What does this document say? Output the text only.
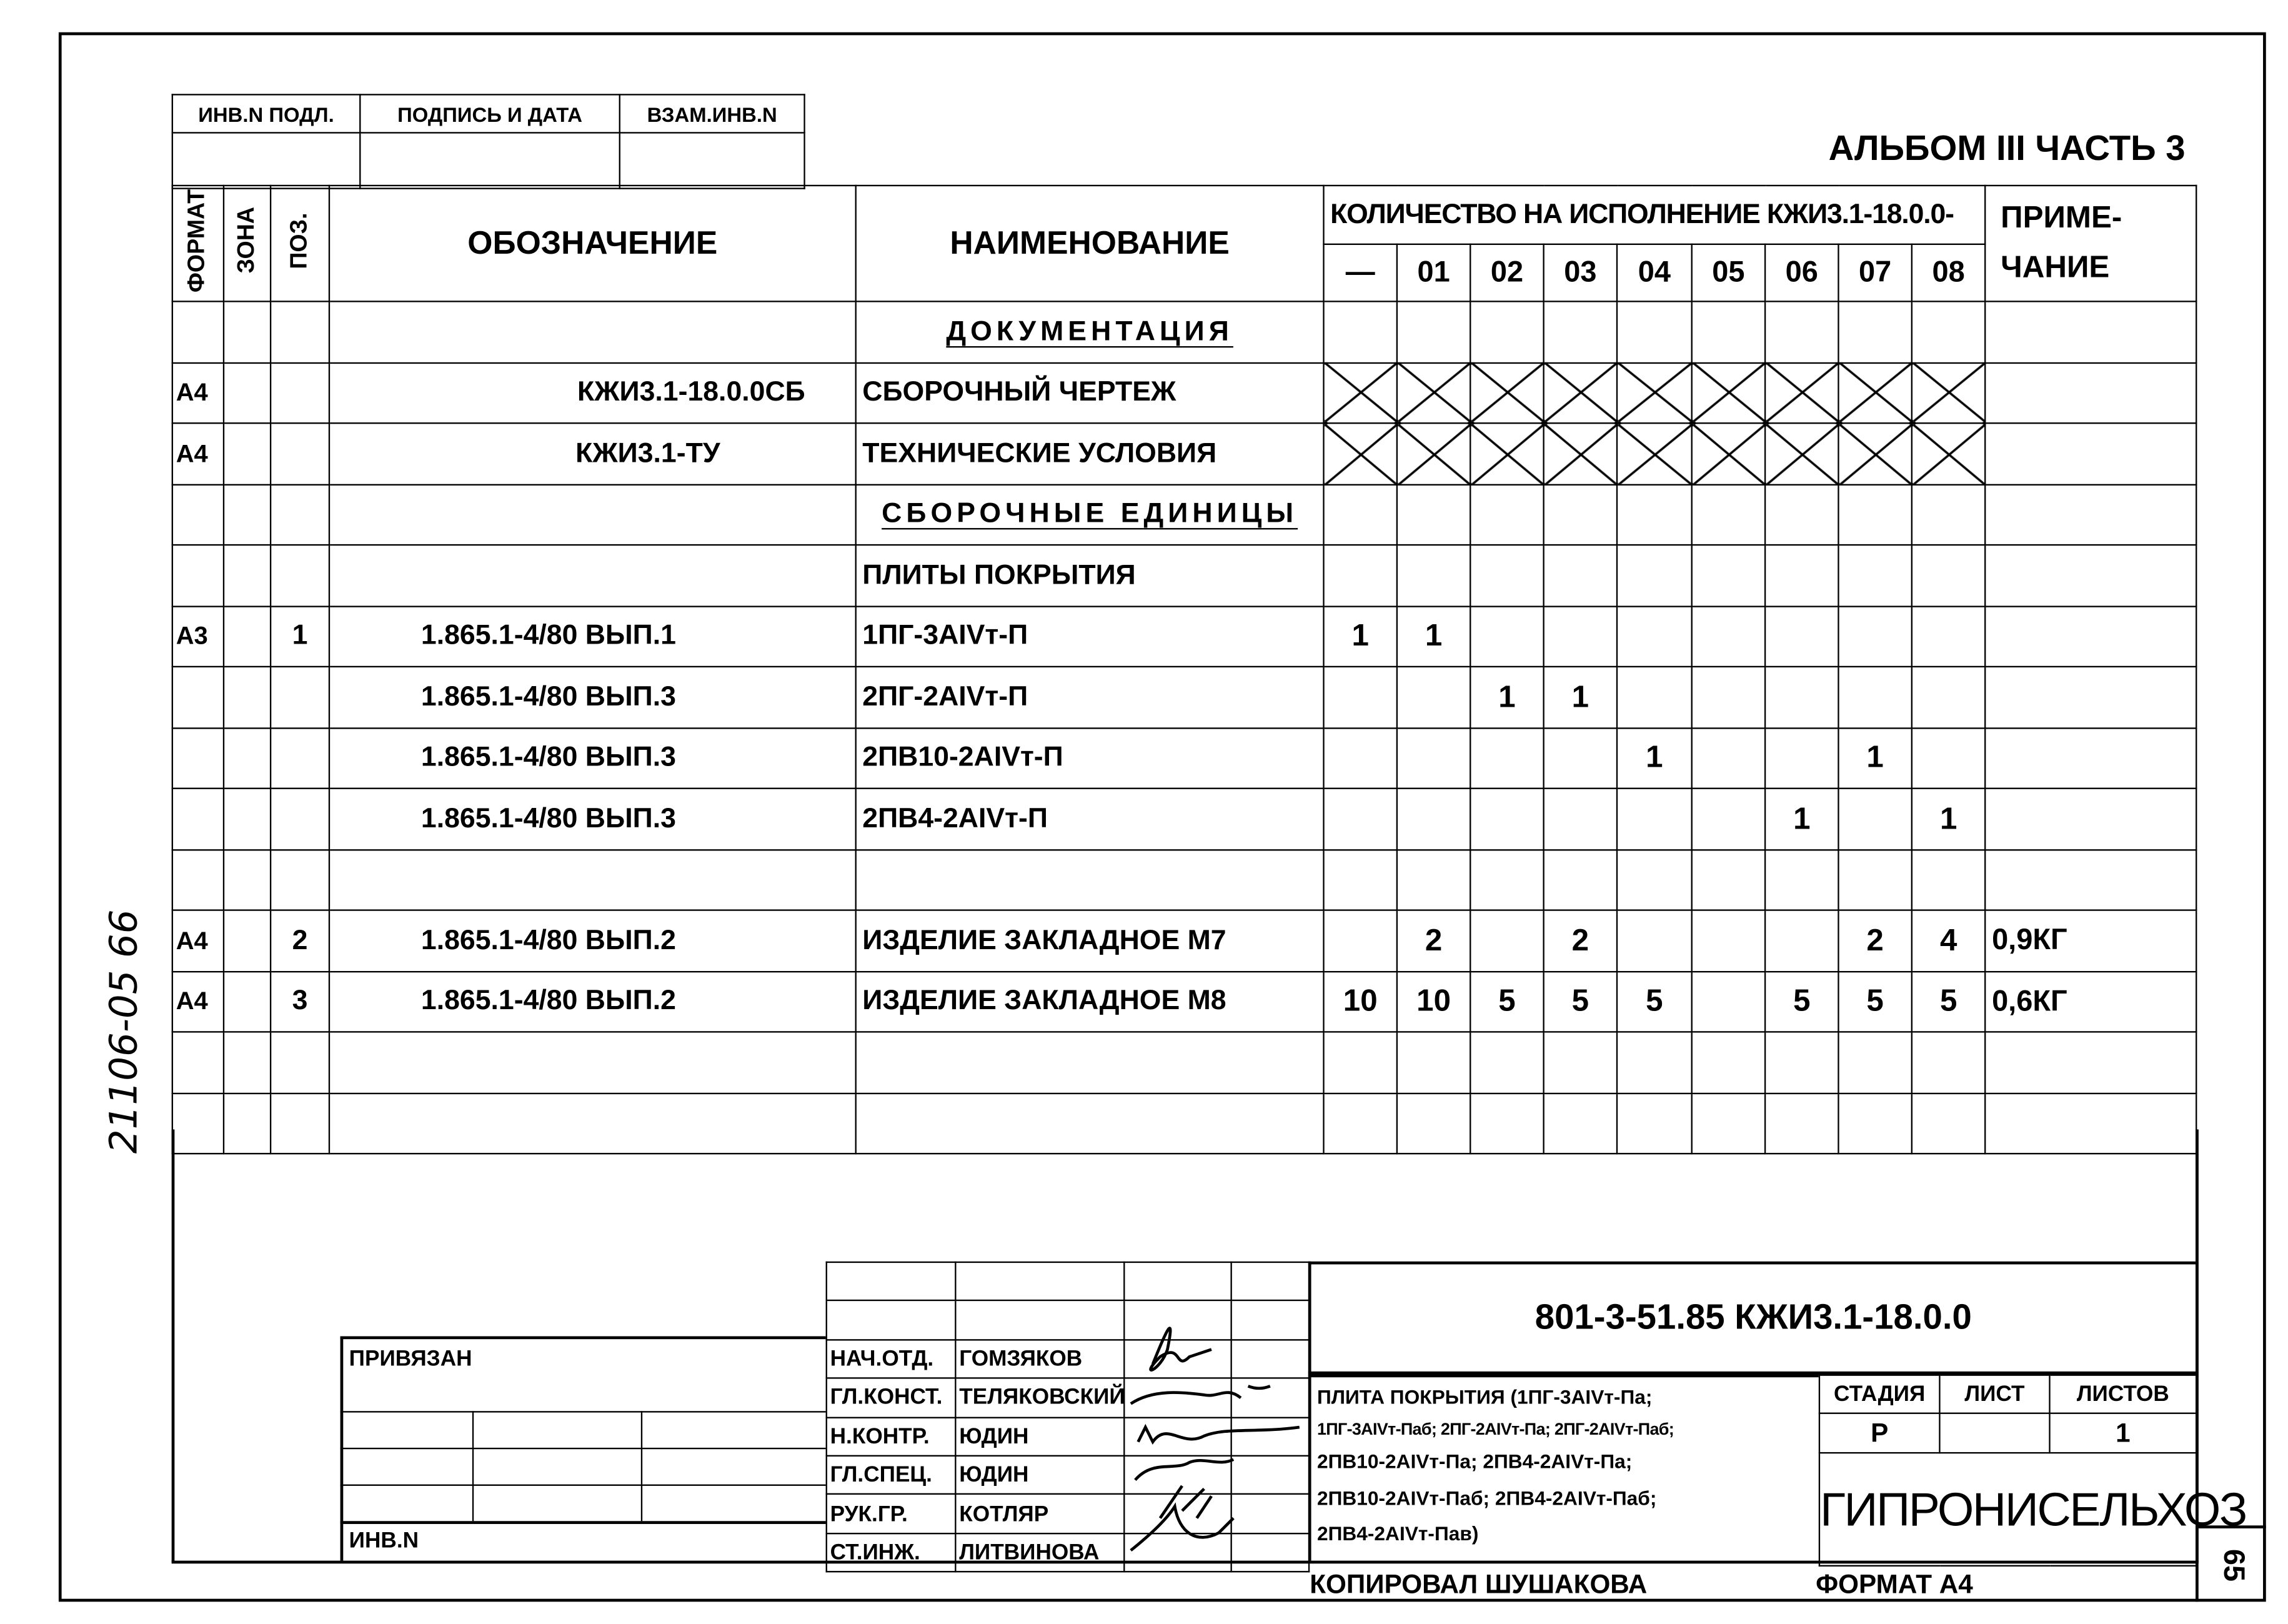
21106-05 66
ИНВ.N ПОДЛ.	ПОДПИСЬ И ДАТА	ВЗАМ.ИНВ.N

АЛЬБОМ III ЧАСТЬ 3
ФОРМАТ	ЗОНА	ПОЗ.	ОБОЗНАЧЕНИЕ	НАИМЕНОВАНИЕ	КОЛИЧЕСТВО НА ИСПОЛНЕНИЕ КЖИ3.1-18.0.0-									ПРИМЕ-
ЧАНИЕ

					—	01	02	03	04	05	06	07	08	
				ДОКУМЕНТАЦИЯ										
А4			КЖИ3.1-18.0.0СБ	СБОРОЧНЫЙ ЧЕРТЕЖ										
А4			КЖИ3.1-ТУ	ТЕХНИЧЕСКИЕ УСЛОВИЯ										
				СБОРОЧНЫЕ ЕДИНИЦЫ										
				ПЛИТЫ ПОКРЫТИЯ										
А3		1	1.865.1-4/80 ВЫП.1	1ПГ-3АIVт-П	1	1								
			1.865.1-4/80 ВЫП.3	2ПГ-2АIVт-П			1	1						
			1.865.1-4/80 ВЫП.3	2ПВ10-2АIVт-П					1			1		
			1.865.1-4/80 ВЫП.3	2ПВ4-2АIVт-П							1		1	

А4		2	1.865.1-4/80 ВЫП.2	ИЗДЕЛИЕ ЗАКЛАДНОЕ М7		2		2				2	4	0,9КГ
А4		3	1.865.1-4/80 ВЫП.2	ИЗДЕЛИЕ ЗАКЛАДНОЕ М8	10	10	5	5	5		5	5	5	0,6КГ

ПРИВЯЗАН
ИНВ.N

НАЧ.ОТД.	ГОМЗЯКОВ		
ГЛ.КОНСТ.	ТЕЛЯКОВСКИЙ		
Н.КОНТР.	ЮДИН		
ГЛ.СПЕЦ.	ЮДИН		
РУК.ГР.	КОТЛЯР		
СТ.ИНЖ.	ЛИТВИНОВА		
801-3-51.85 КЖИ3.1-18.0.0
ПЛИТА ПОКРЫТИЯ (1ПГ-3АIVт-Па;
1ПГ-3АIVт-Паб; 2ПГ-2АIVт-Па; 2ПГ-2АIVт-Паб;
2ПВ10-2АIVт-Па; 2ПВ4-2АIVт-Па;
2ПВ10-2АIVт-Паб; 2ПВ4-2АIVт-Паб;
2ПВ4-2АIVт-Пав)
СТАДИЯ	ЛИСТ	ЛИСТОВ
Р		1
ГИПРОНИСЕЛЬХОЗ		
КОПИРОВАЛ ШУШАКОВА	ФОРМАТ А4
65
